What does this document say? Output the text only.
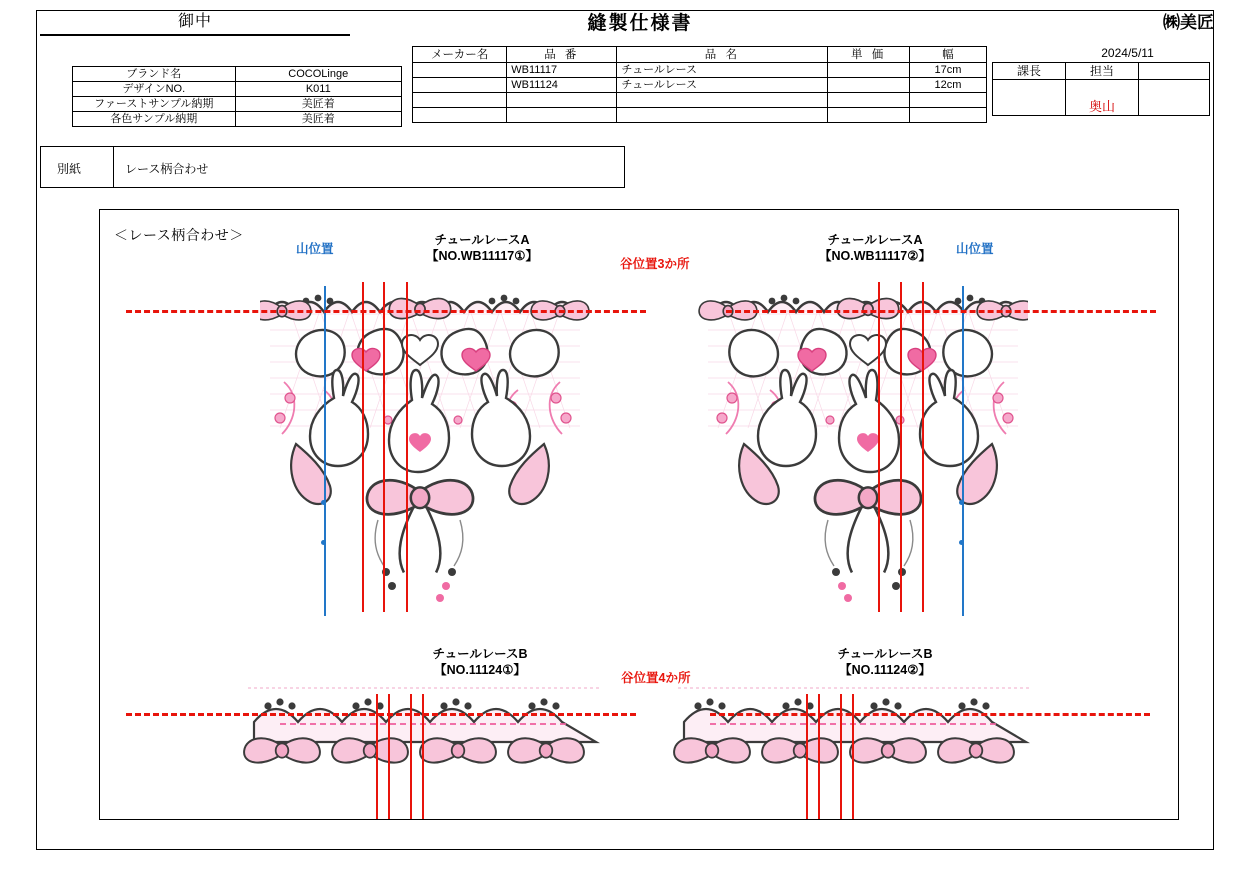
御中	縫製仕様書	㈱美匠
2024/5/11
ブランド名	COCOLinge
デザインNO.	K011
ファーストサンプル納期	美匠着
各色サンプル納期	美匠着
メーカー名	品 番	品 名	単 価	幅
	WB11117	チュールレース		17cm
	WB11124	チュールレース		12cm

課長	担当	
	奥山	
別紙	レース柄合わせ
＜レース柄合わせ＞	チュールレースA
【NO.WB11117①】
チュールレースA
【NO.WB11117②】
山位置	山位置
谷位置3か所
チュールレースB
【NO.11124①】
チュールレースB
【NO.11124②】
谷位置4か所
